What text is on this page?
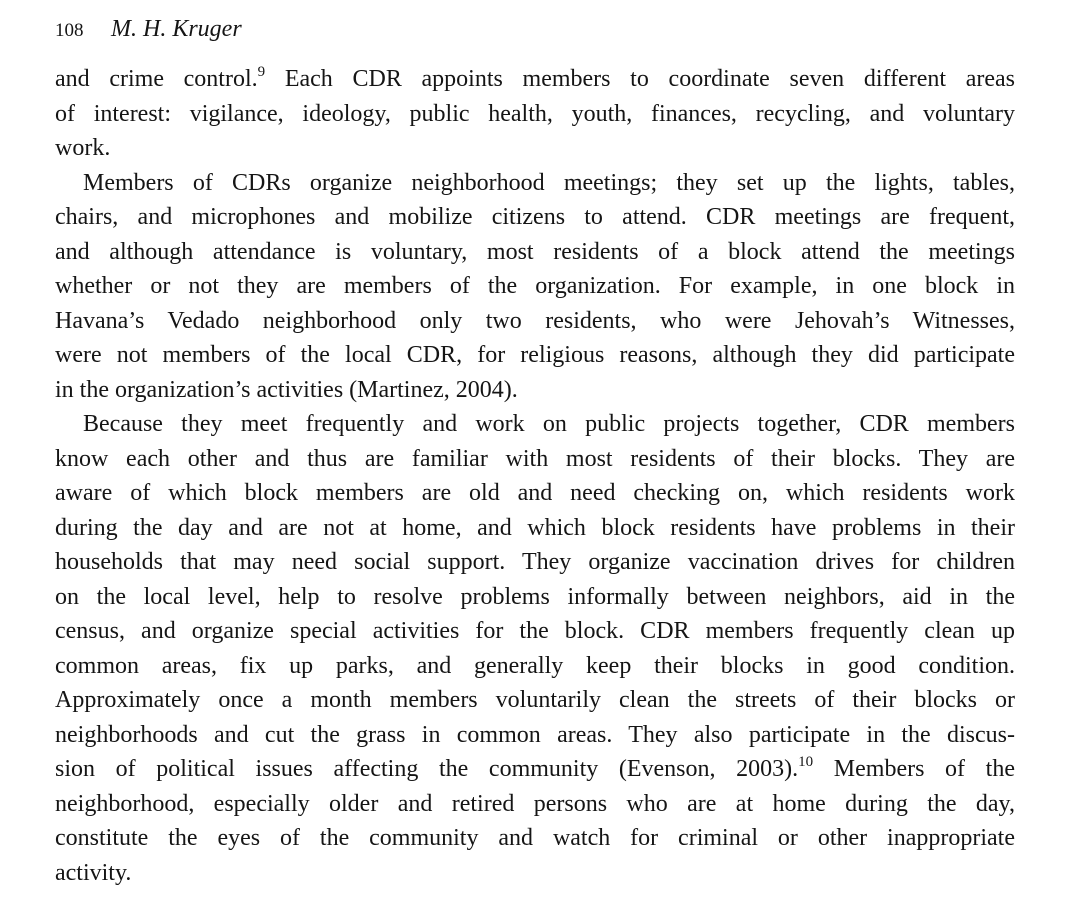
108 M. H. Kruger
and crime control.$^9$ Each CDR appoints members to coordinate seven different areas
of interest: vigilance, ideology, public health, youth, finances, recycling, and voluntary
work.
Members of CDRs organize neighborhood meetings; they set up the lights, tables,
chairs, and microphones and mobilize citizens to attend. CDR meetings are frequent,
and although attendance is voluntary, most residents of a block attend the meetings
whether or not they are members of the organization. For example, in one block in
Havana’s Vedado neighborhood only two residents, who were Jehovah’s Witnesses,
were not members of the local CDR, for religious reasons, although they did participate
in the organization’s activities (Martinez, 2004).
Because they meet frequently and work on public projects together, CDR members
know each other and thus are familiar with most residents of their blocks. They are
aware of which block members are old and need checking on, which residents work
during the day and are not at home, and which block residents have problems in their
households that may need social support. They organize vaccination drives for children
on the local level, help to resolve problems informally between neighbors, aid in the
census, and organize special activities for the block. CDR members frequently clean up
common areas, fix up parks, and generally keep their blocks in good condition.
Approximately once a month members voluntarily clean the streets of their blocks or
neighborhoods and cut the grass in common areas. They also participate in the discus-
sion of political issues affecting the community (Evenson, 2003).$^{10}$ Members of the
neighborhood, especially older and retired persons who are at home during the day,
constitute the eyes of the community and watch for criminal or other inappropriate
activity.
